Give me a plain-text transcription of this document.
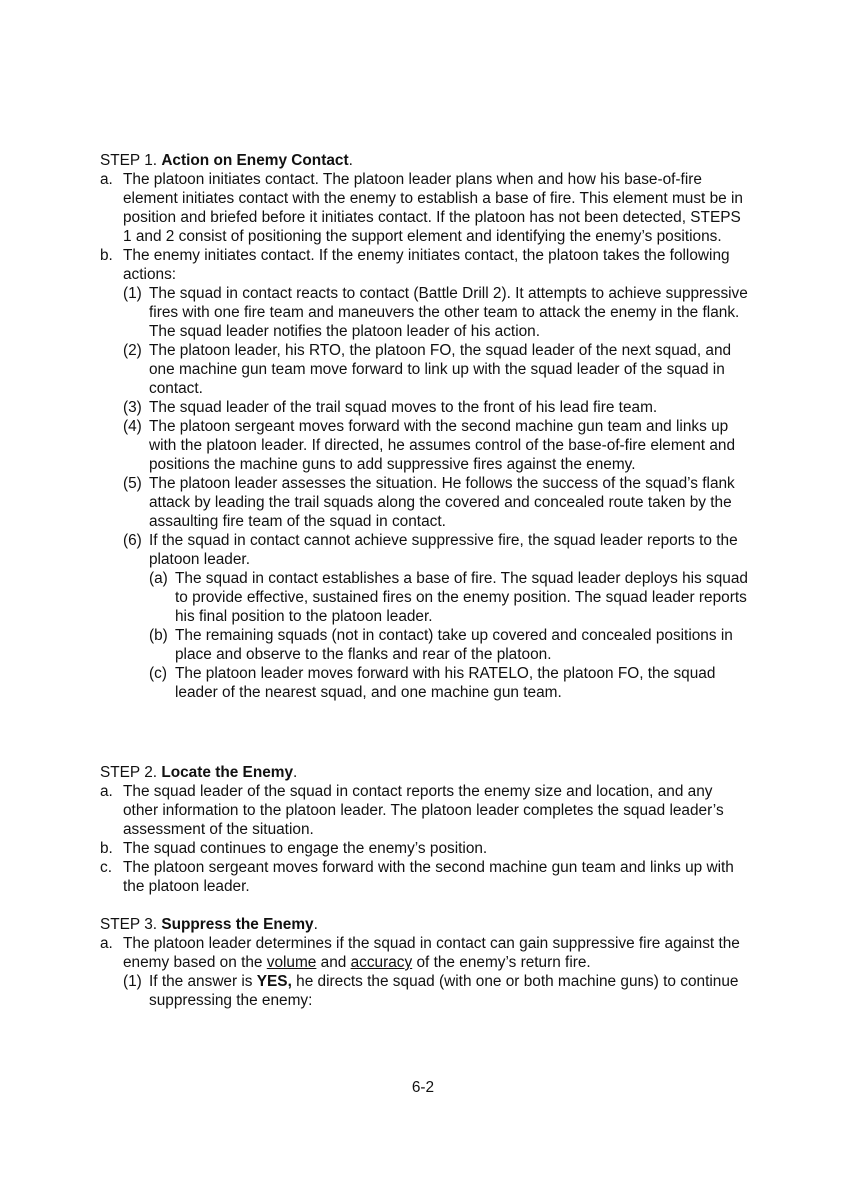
STEP 1. Action on Enemy Contact.

a. The platoon initiates contact. The platoon leader plans when and how his base-of-fire element initiates contact with the enemy to establish a base of fire. This element must be in position and briefed before it initiates contact. If the platoon has not been detected, STEPS 1 and 2 consist of positioning the support element and identifying the enemy’s positions.

b. The enemy initiates contact. If the enemy initiates contact, the platoon takes the following actions:

(1) The squad in contact reacts to contact (Battle Drill 2). It attempts to achieve suppressive fires with one fire team and maneuvers the other team to attack the enemy in the flank. The squad leader notifies the platoon leader of his action.

(2) The platoon leader, his RTO, the platoon FO, the squad leader of the next squad, and one machine gun team move forward to link up with the squad leader of the squad in contact.

(3) The squad leader of the trail squad moves to the front of his lead fire team.

(4) The platoon sergeant moves forward with the second machine gun team and links up with the platoon leader. If directed, he assumes control of the base-of-fire element and positions the machine guns to add suppressive fires against the enemy.

(5) The platoon leader assesses the situation. He follows the success of the squad’s flank attack by leading the trail squads along the covered and concealed route taken by the assaulting fire team of the squad in contact.

(6) If the squad in contact cannot achieve suppressive fire, the squad leader reports to the platoon leader.

(a) The squad in contact establishes a base of fire. The squad leader deploys his squad to provide effective, sustained fires on the enemy position. The squad leader reports his final position to the platoon leader.

(b) The remaining squads (not in contact) take up covered and concealed positions in place and observe to the flanks and rear of the platoon.

(c) The platoon leader moves forward with his RATELO, the platoon FO, the squad leader of the nearest squad, and one machine gun team.

STEP 2. Locate the Enemy.

a. The squad leader of the squad in contact reports the enemy size and location, and any other information to the platoon leader. The platoon leader completes the squad leader’s assessment of the situation.

b. The squad continues to engage the enemy’s position.

c. The platoon sergeant moves forward with the second machine gun team and links up with the platoon leader.

STEP 3. Suppress the Enemy.

a. The platoon leader determines if the squad in contact can gain suppressive fire against the enemy based on the volume and accuracy of the enemy’s return fire.

(1) If the answer is YES, he directs the squad (with one or both machine guns) to continue suppressing the enemy:

6-2
